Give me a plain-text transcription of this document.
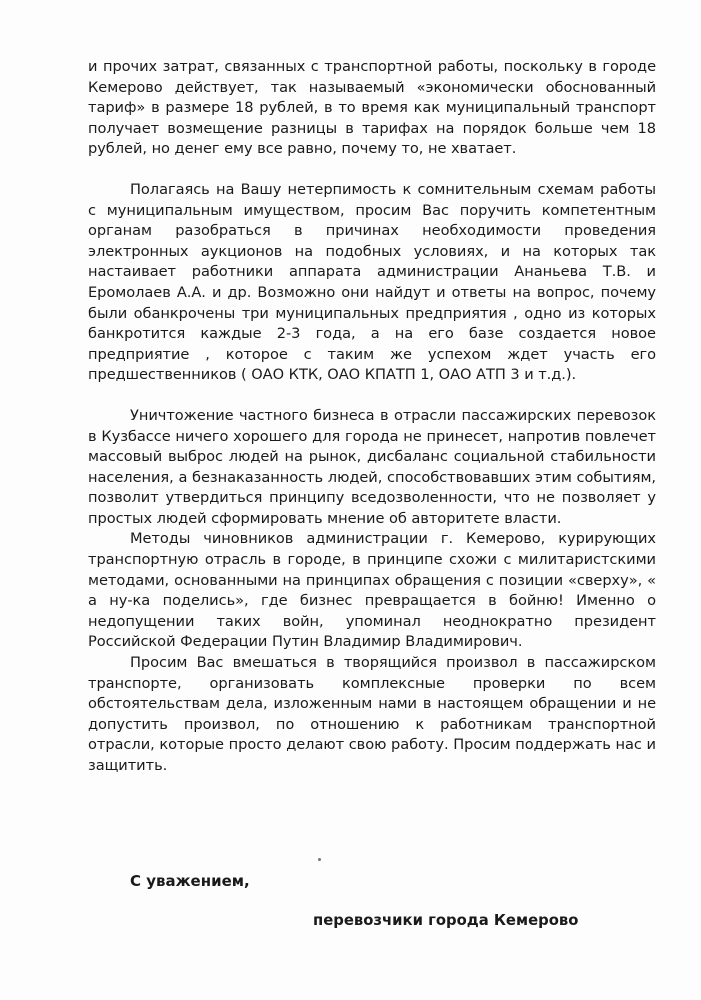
и прочих затрат, связанных с транспортной работы, поскольку в городе Кемерово действует, так называемый «экономически обоснованный тариф» в размере 18 рублей, в то время как муниципальный транспорт получает возмещение разницы в тарифах на порядок больше чем 18 рублей, но денег ему все равно, почему то, не хватает.

Полагаясь на Вашу нетерпимость к сомнительным схемам работы с муниципальным имуществом, просим Вас поручить компетентным органам разобраться в причинах необходимости проведения электронных аукционов на подобных условиях, и на которых так настаивает работники аппарата администрации Ананьева Т.В. и Еромолаев А.А. и др. Возможно они найдут и ответы на вопрос, почему были обанкрочены три муниципальных предприятия , одно из которых банкротится каждые 2-3 года, а на его базе создается новое предприятие , которое с таким же успехом ждет участь его предшественников ( ОАО КТК, ОАО КПАТП 1, ОАО АТП 3 и т.д.).

Уничтожение частного бизнеса в отрасли пассажирских перевозок в Кузбассе ничего хорошего для города не принесет, напротив повлечет массовый выброс людей на рынок, дисбаланс социальной стабильности населения, а безнаказанность людей, способствовавших этим событиям, позволит утвердиться принципу вседозволенности, что не позволяет у простых людей сформировать мнение об авторитете власти.

Методы чиновников администрации г. Кемерово, курирующих транспортную отрасль в городе, в принципе схожи с милитаристскими методами, основанными на принципах обращения с позиции «сверху», « а ну-ка поделись», где бизнес превращается в бойню! Именно о недопущении таких войн, упоминал неоднократно президент Российской Федерации Путин Владимир Владимирович.

Просим Вас вмешаться в творящийся произвол в пассажирском транспорте, организовать комплексные проверки по всем обстоятельствам дела, изложенным нами в настоящем обращении и не допустить произвол, по отношению к работникам транспортной отрасли, которые просто делают свою работу. Просим поддержать нас и защитить.

С уважением,
перевозчики города Кемерово
